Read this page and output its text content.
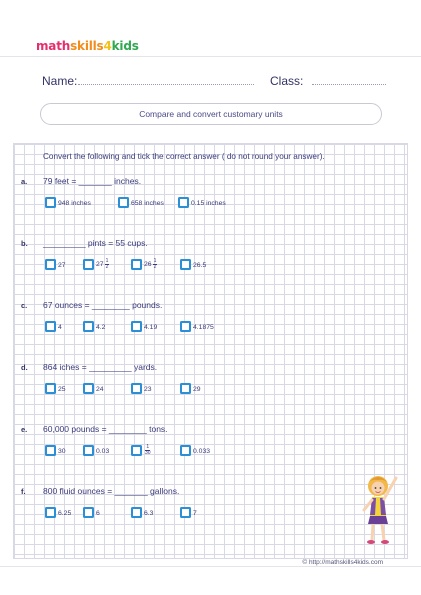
mathskills4kids
Name:	Class:
Compare and convert customary units
Convert the following and tick the correct answer ( do not round your answer).
a. 79 feet = _______ inches.
948 inches	658 inches	0.15 inches
b. _________ pints = 55 cups.
27	$27 \frac{1}{2}$	$26 \frac{1}{2}$	26.5
c. 67 ounces = ________ pounds.
4	4.2	4.19	4.1875
d. 864 iches = _________ yards.
25	24	23	29
e. 60,000 pounds = ________ tons.
30	0.03	$\frac{1}{30}$	0.033
f. 800 fluid ounces = _______ gallons.
6.25	6	6.3	7
© http://mathskills4kids.com
